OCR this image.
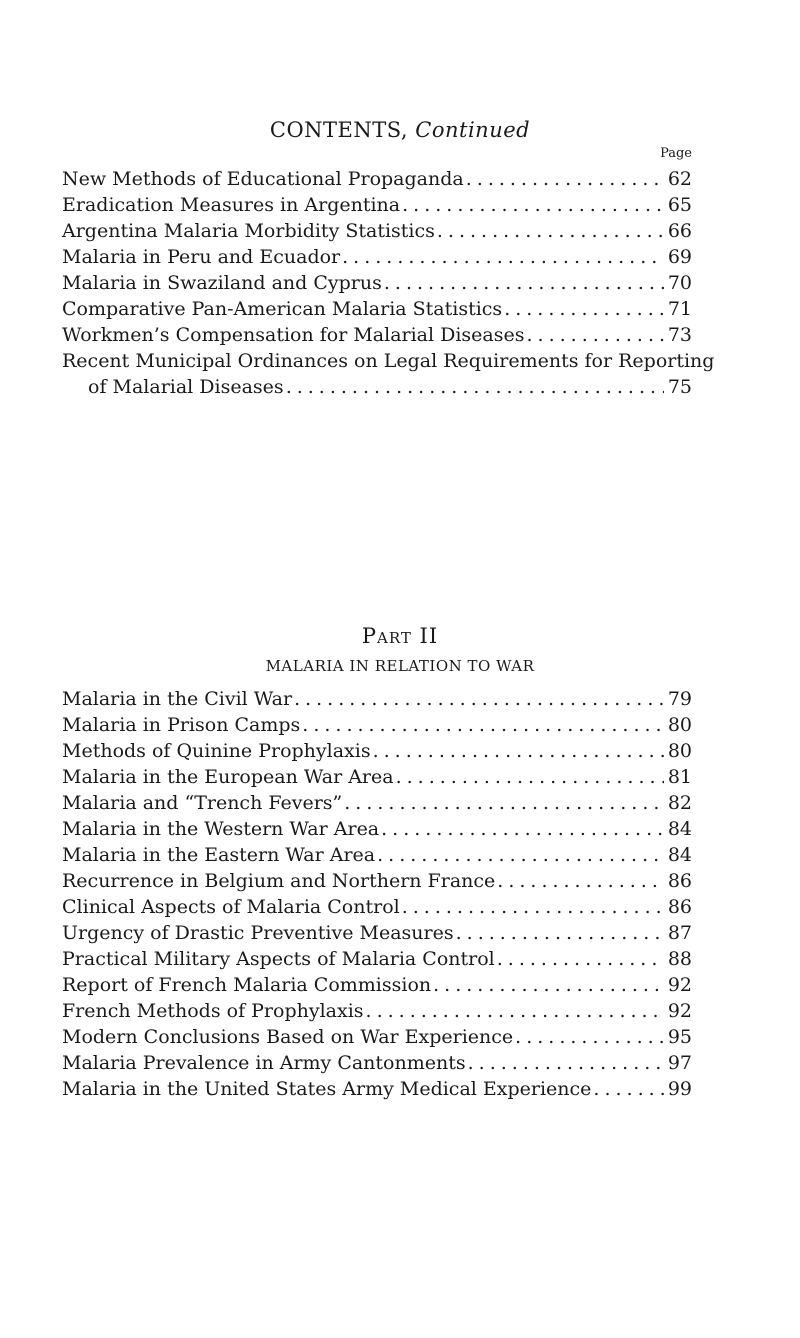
CONTENTS, Continued
Page
New Methods of Educational Propaganda .....	62
Eradication Measures in Argentina .....	65
Argentina Malaria Morbidity Statistics .....	66
Malaria in Peru and Ecuador .....	69
Malaria in Swaziland and Cyprus .....	70
Comparative Pan-American Malaria Statistics .....	71
Workmen’s Compensation for Malarial Diseases .....	73
Recent Municipal Ordinances on Legal Requirements for Reporting
of Malarial Diseases .....	75
Part II
MALARIA IN RELATION TO WAR
Malaria in the Civil War .....	79
Malaria in Prison Camps .....	80
Methods of Quinine Prophylaxis .....	80
Malaria in the European War Area .....	81
Malaria and “Trench Fevers” .....	82
Malaria in the Western War Area .....	84
Malaria in the Eastern War Area .....	84
Recurrence in Belgium and Northern France .....	86
Clinical Aspects of Malaria Control .....	86
Urgency of Drastic Preventive Measures .....	87
Practical Military Aspects of Malaria Control .....	88
Report of French Malaria Commission .....	92
French Methods of Prophylaxis .....	92
Modern Conclusions Based on War Experience .....	95
Malaria Prevalence in Army Cantonments .....	97
Malaria in the United States Army Medical Experience .....	99
